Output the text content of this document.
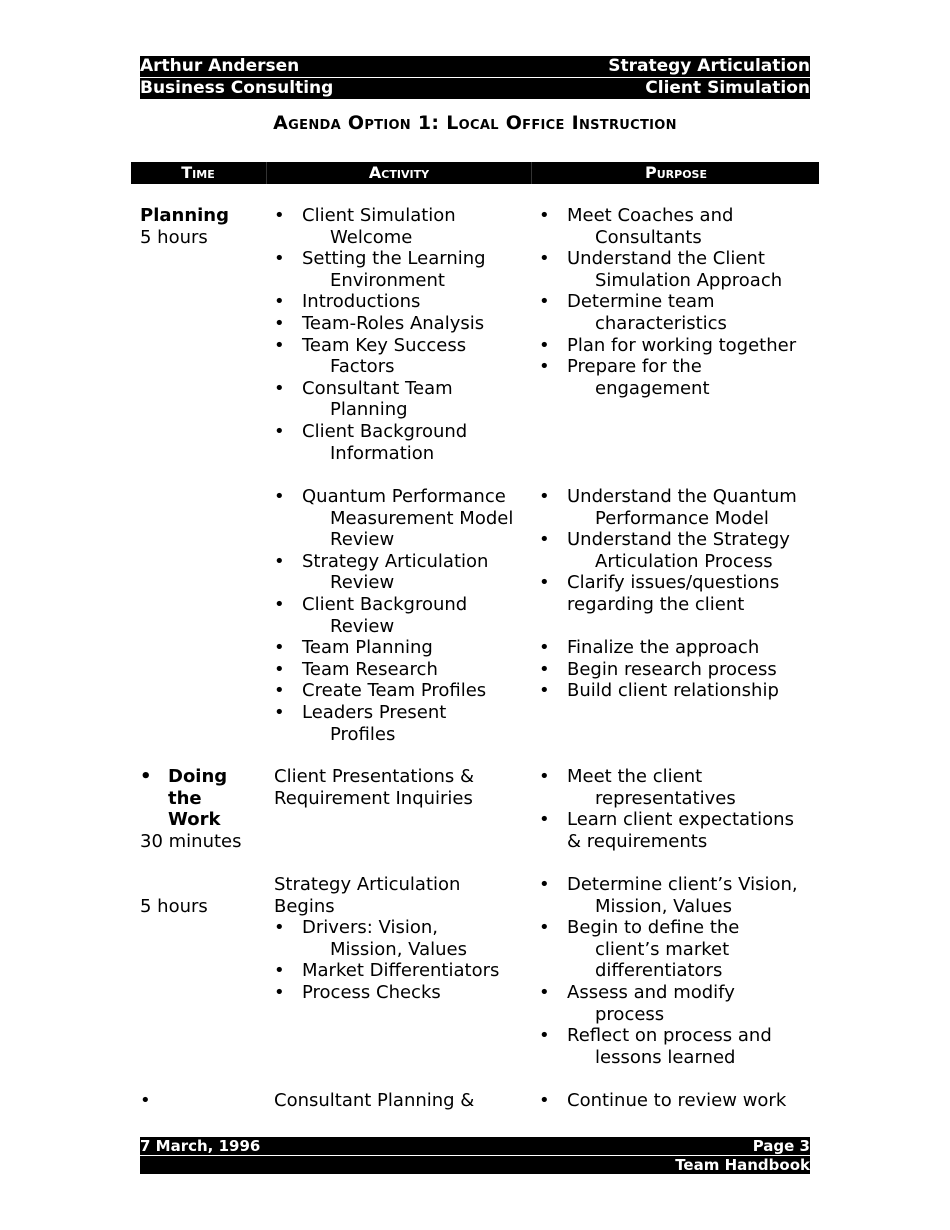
Arthur Andersen	Strategy Articulation
Business Consulting	Client Simulation
Agenda Option 1: Local Office Instruction
Time	Activity	Purpose
Planning
5 hours
• Client Simulation
Welcome
• Setting the Learning
Environment
• Introductions
• Team-Roles Analysis
• Team Key Success
Factors
• Consultant Team
Planning
• Client Background
Information
• Meet Coaches and
Consultants
• Understand the Client
Simulation Approach
• Determine team
characteristics
• Plan for working together
• Prepare for the
engagement
• Quantum Performance
Measurement Model
Review
• Strategy Articulation
Review
• Client Background
Review
• Team Planning
• Team Research
• Create Team Profiles
• Leaders Present
Profiles
• Understand the Quantum
Performance Model
• Understand the Strategy
Articulation Process
• Clarify issues/questions
regarding the client
• Finalize the approach
• Begin research process
• Build client relationship
• Doing
the
Work
30 minutes
Client Presentations &
Requirement Inquiries
• Meet the client
representatives
• Learn client expectations
& requirements
5 hours
Strategy Articulation
Begins
• Drivers: Vision,
Mission, Values
• Market Differentiators
• Process Checks
• Determine client’s Vision,
Mission, Values
• Begin to define the
client’s market
differentiators
• Assess and modify
process
• Reflect on process and
lessons learned
•	Consultant Planning &
•	Continue to review work
7 March, 1996	Page 3
Team Handbook
